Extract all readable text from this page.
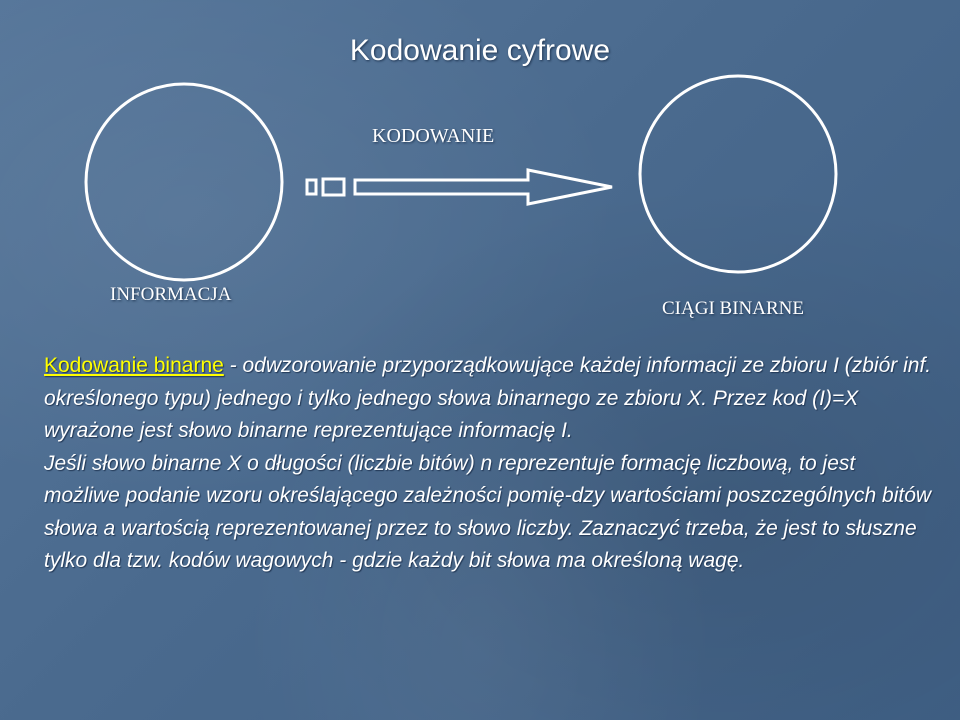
Kodowanie cyfrowe
KODOWANIE
INFORMACJA
CIĄGI BINARNE

Kodowanie binarne - odwzorowanie przyporządkowujące każdej informacji ze zbioru I (zbiór inf. określonego typu) jednego i tylko jednego słowa binarnego ze zbioru X. Przez kod (I)=X wyrażone jest słowo binarne reprezentujące informację I.

Jeśli słowo binarne X o długości (liczbie bitów) n reprezentuje formację liczbową, to jest możliwe podanie wzoru określającego zależności pomię-dzy wartościami poszczególnych bitów słowa a wartością reprezentowanej przez to słowo liczby. Zaznaczyć trzeba, że jest to słuszne tylko dla tzw. kodów wagowych - gdzie każdy bit słowa ma określoną wagę.
